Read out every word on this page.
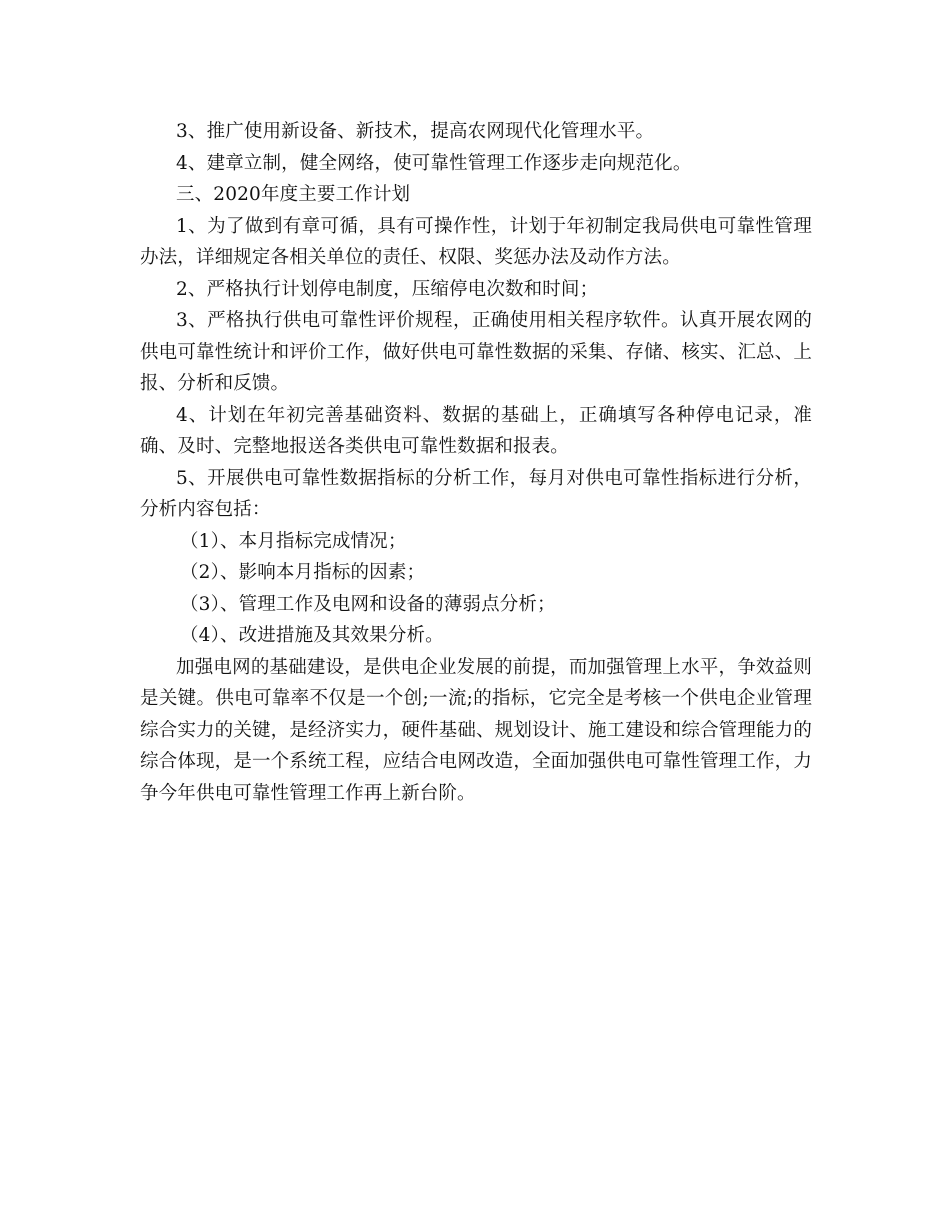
3、推广使用新设备、新技术，提高农网现代化管理水平。

4、建章立制，健全网络，使可靠性管理工作逐步走向规范化。

三、2020年度主要工作计划

1、为了做到有章可循，具有可操作性，计划于年初制定我局供电可靠性管理办法，详细规定各相关单位的责任、权限、奖惩办法及动作方法。

2、严格执行计划停电制度，压缩停电次数和时间；

3、严格执行供电可靠性评价规程，正确使用相关程序软件。认真开展农网的供电可靠性统计和评价工作，做好供电可靠性数据的采集、存储、核实、汇总、上报、分析和反馈。

4、计划在年初完善基础资料、数据的基础上，正确填写各种停电记录，准确、及时、完整地报送各类供电可靠性数据和报表。

5、开展供电可靠性数据指标的分析工作，每月对供电可靠性指标进行分析，分析内容包括：

（1）、本月指标完成情况；

（2）、影响本月指标的因素；

（3）、管理工作及电网和设备的薄弱点分析；

（4）、改进措施及其效果分析。

加强电网的基础建设，是供电企业发展的前提，而加强管理上水平，争效益则是关键。供电可靠率不仅是一个创;一流;的指标，它完全是考核一个供电企业管理综合实力的关键，是经济实力，硬件基础、规划设计、施工建设和综合管理能力的综合体现，是一个系统工程，应结合电网改造，全面加强供电可靠性管理工作，力争今年供电可靠性管理工作再上新台阶。
